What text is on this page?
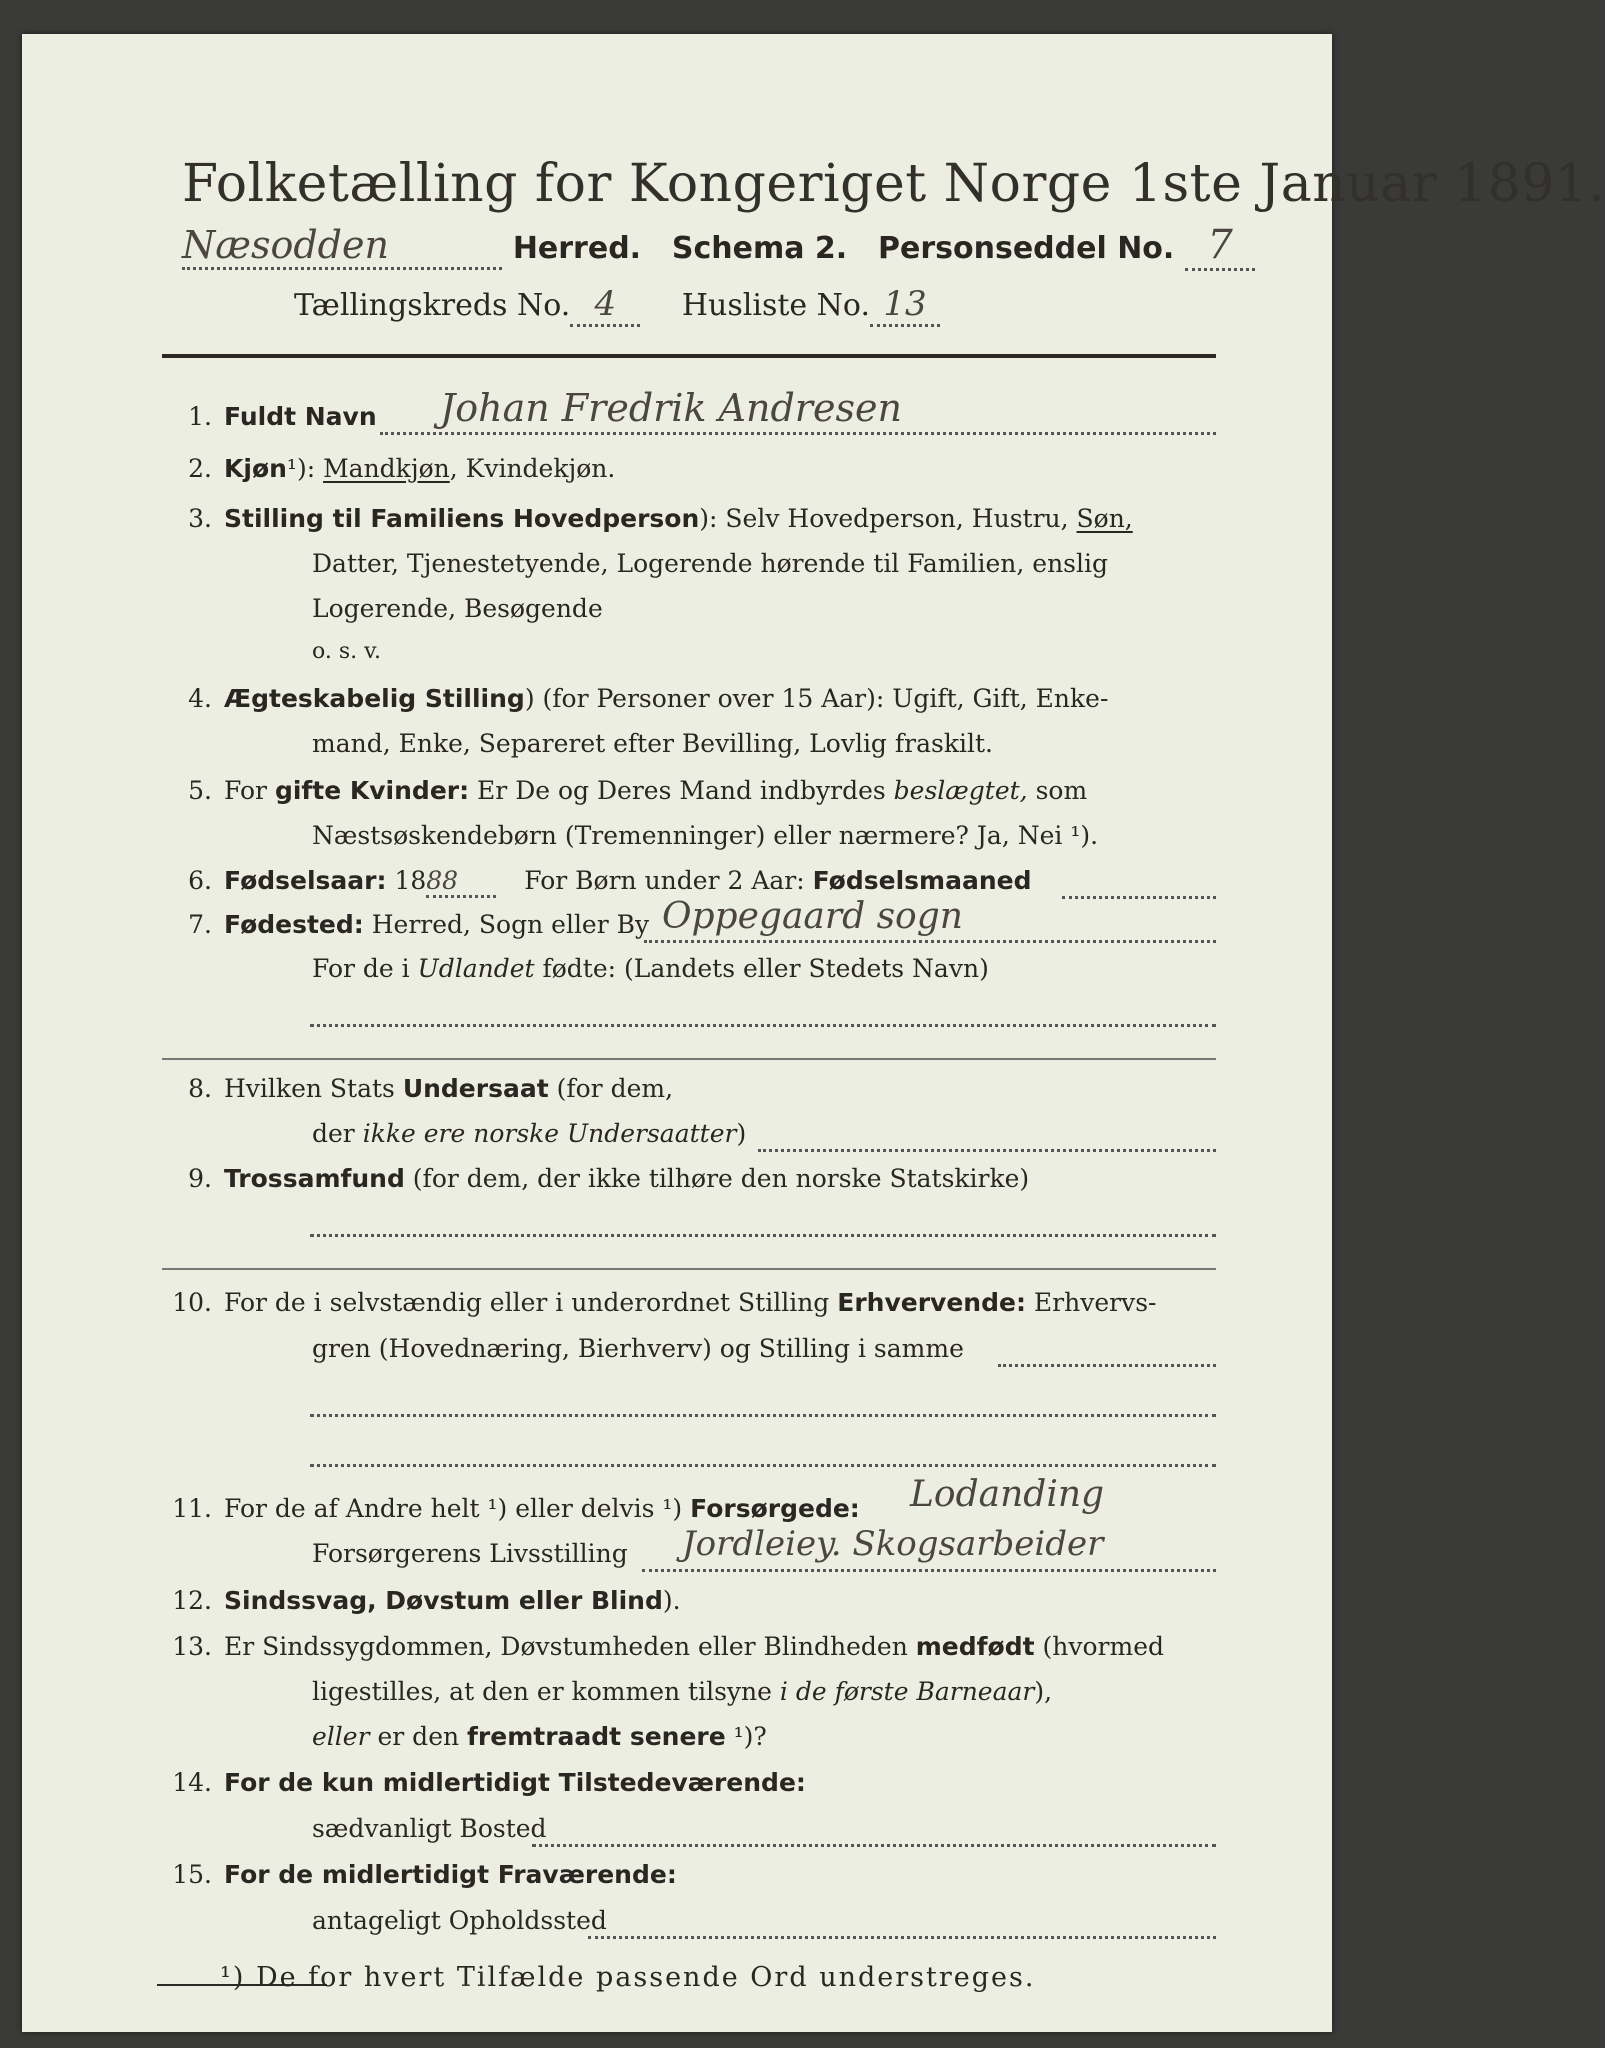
Folketælling for Kongeriget Norge 1ste Januar 1891.
Næsodden	Herred. Schema 2. Personseddel No. 7
Tællingskreds No. 4 Husliste No. 13
1. Fuldt Navn Johan Fredrik Andresen
2. Kjøn¹): Mandkjøn, Kvindekjøn.
3. Stilling til Familiens Hovedperson): Selv Hovedperson, Hustru, Søn,
Datter, Tjenestetyende, Logerende hørende til Familien, enslig
Logerende, Besøgende
o. s. v.
4. Ægteskabelig Stilling) (for Personer over 15 Aar): Ugift, Gift, Enke-
mand, Enke, Separeret efter Bevilling, Lovlig fraskilt.
5. For gifte Kvinder: Er De og Deres Mand indbyrdes beslægtet, som
Næstsøskendebørn (Tremenninger) eller nærmere? Ja, Nei ¹).
6. Fødselsaar: 1888	For Børn under 2 Aar: Fødselsmaaned
7. Fødested: Herred, Sogn eller By Oppegaard sogn
For de i Udlandet fødte: (Landets eller Stedets Navn)
8. Hvilken Stats Undersaat (for dem,
der ikke ere norske Undersaatter)
9. Trossamfund (for dem, der ikke tilhøre den norske Statskirke)
10. For de i selvstændig eller i underordnet Stilling Erhvervende: Erhvervs-
gren (Hovednæring, Bierhverv) og Stilling i samme
11. For de af Andre helt ¹) eller delvis ¹) Forsørgede: Lodanding
Forsørgerens Livsstilling Jordleiey. Skogsarbeider
12. Sindssvag, Døvstum eller Blind).
13. Er Sindssygdommen, Døvstumheden eller Blindheden medfødt (hvormed
ligestilles, at den er kommen tilsyne i de første Barneaar),
eller er den fremtraadt senere ¹)?
14. For de kun midlertidigt Tilstedeværende:
sædvanligt Bosted
15. For de midlertidigt Fraværende:
antageligt Opholdssted
¹) De for hvert Tilfælde passende Ord understreges.
